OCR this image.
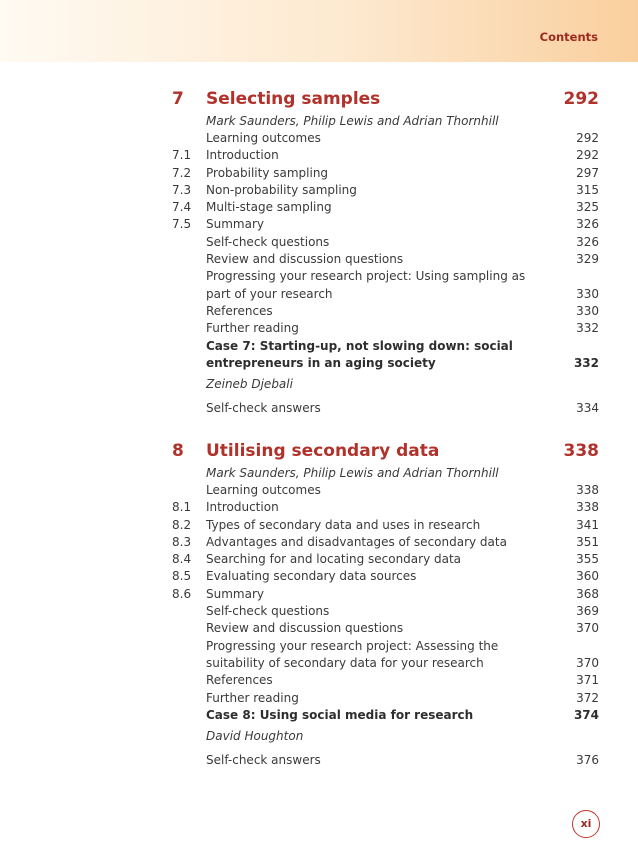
Contents
7 Selecting samples	292
Mark Saunders, Philip Lewis and Adrian Thornhill
Learning outcomes	292
7.1 Introduction	292
7.2 Probability sampling	297
7.3 Non-probability sampling	315
7.4 Multi-stage sampling	325
7.5 Summary	326
Self-check questions	326
Review and discussion questions	329
Progressing your research project: Using sampling as part of your research	330
References	330
Further reading	332
Case 7: Starting-up, not slowing down: social entrepreneurs in an aging society	332
Zeineb Djebali
Self-check answers	334
8 Utilising secondary data	338
Mark Saunders, Philip Lewis and Adrian Thornhill
Learning outcomes	338
8.1 Introduction	338
8.2 Types of secondary data and uses in research	341
8.3 Advantages and disadvantages of secondary data	351
8.4 Searching for and locating secondary data	355
8.5 Evaluating secondary data sources	360
8.6 Summary	368
Self-check questions	369
Review and discussion questions	370
Progressing your research project: Assessing the suitability of secondary data for your research	370
References	371
Further reading	372
Case 8: Using social media for research	374
David Houghton
Self-check answers	376
xi
